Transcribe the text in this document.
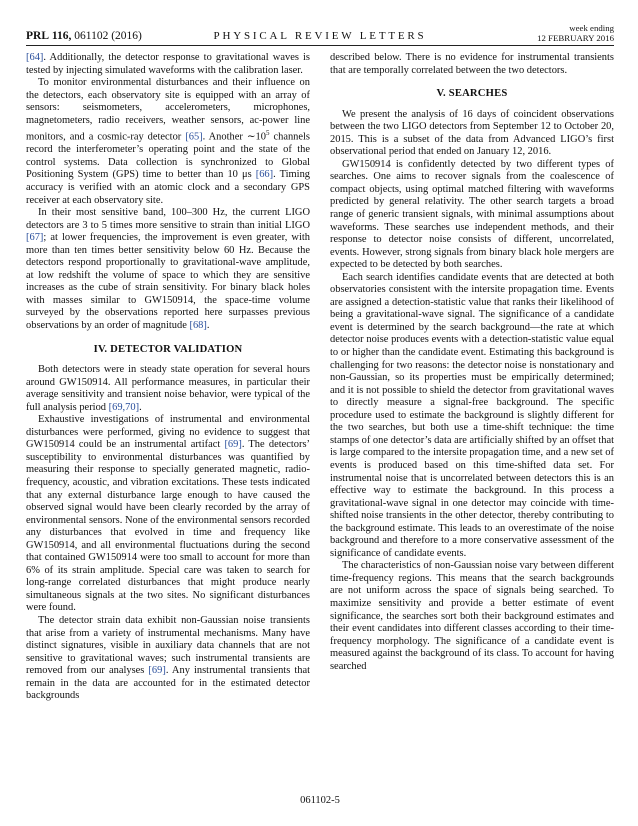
PRL 116, 061102 (2016)	PHYSICAL REVIEW LETTERS
week ending
12 FEBRUARY 2016

[64]. Additionally, the detector response to gravitational waves is tested by injecting simulated waveforms with the calibration laser.

To monitor environmental disturbances and their influence on the detectors, each observatory site is equipped with an array of sensors: seismometers, accelerometers, microphones, magnetometers, radio receivers, weather sensors, ac-power line monitors, and a cosmic-ray detector [65]. Another $\sim 10^5$ channels record the interferometer’s operating point and the state of the control systems. Data collection is synchronized to Global Positioning System (GPS) time to better than 10 μs [66]. Timing accuracy is verified with an atomic clock and a secondary GPS receiver at each observatory site.

In their most sensitive band, 100–300 Hz, the current LIGO detectors are 3 to 5 times more sensitive to strain than initial LIGO [67]; at lower frequencies, the improvement is even greater, with more than ten times better sensitivity below 60 Hz. Because the detectors respond proportionally to gravitational-wave amplitude, at low redshift the volume of space to which they are sensitive increases as the cube of strain sensitivity. For binary black holes with masses similar to GW150914, the space-time volume surveyed by the observations reported here surpasses previous observations by an order of magnitude [68].

IV. DETECTOR VALIDATION

Both detectors were in steady state operation for several hours around GW150914. All performance measures, in particular their average sensitivity and transient noise behavior, were typical of the full analysis period [69,70].

Exhaustive investigations of instrumental and environmental disturbances were performed, giving no evidence to suggest that GW150914 could be an instrumental artifact [69]. The detectors’ susceptibility to environmental disturbances was quantified by measuring their response to specially generated magnetic, radio-frequency, acoustic, and vibration excitations. These tests indicated that any external disturbance large enough to have caused the observed signal would have been clearly recorded by the array of environmental sensors. None of the environmental sensors recorded any disturbances that evolved in time and frequency like GW150914, and all environmental fluctuations during the second that contained GW150914 were too small to account for more than 6% of its strain amplitude. Special care was taken to search for long-range correlated disturbances that might produce nearly simultaneous signals at the two sites. No significant disturbances were found.

The detector strain data exhibit non-Gaussian noise transients that arise from a variety of instrumental mechanisms. Many have distinct signatures, visible in auxiliary data channels that are not sensitive to gravitational waves; such instrumental transients are removed from our analyses [69]. Any instrumental transients that remain in the data are accounted for in the estimated detector backgrounds

described below. There is no evidence for instrumental transients that are temporally correlated between the two detectors.

V. SEARCHES

We present the analysis of 16 days of coincident observations between the two LIGO detectors from September 12 to October 20, 2015. This is a subset of the data from Advanced LIGO’s first observational period that ended on January 12, 2016.

GW150914 is confidently detected by two different types of searches. One aims to recover signals from the coalescence of compact objects, using optimal matched filtering with waveforms predicted by general relativity. The other search targets a broad range of generic transient signals, with minimal assumptions about waveforms. These searches use independent methods, and their response to detector noise consists of different, uncorrelated, events. However, strong signals from binary black hole mergers are expected to be detected by both searches.

Each search identifies candidate events that are detected at both observatories consistent with the intersite propagation time. Events are assigned a detection-statistic value that ranks their likelihood of being a gravitational-wave signal. The significance of a candidate event is determined by the search background—the rate at which detector noise produces events with a detection-statistic value equal to or higher than the candidate event. Estimating this background is challenging for two reasons: the detector noise is nonstationary and non-Gaussian, so its properties must be empirically determined; and it is not possible to shield the detector from gravitational waves to directly measure a signal-free background. The specific procedure used to estimate the background is slightly different for the two searches, but both use a time-shift technique: the time stamps of one detector’s data are artificially shifted by an offset that is large compared to the intersite propagation time, and a new set of events is produced based on this time-shifted data set. For instrumental noise that is uncorrelated between detectors this is an effective way to estimate the background. In this process a gravitational-wave signal in one detector may coincide with time-shifted noise transients in the other detector, thereby contributing to the background estimate. This leads to an overestimate of the noise background and therefore to a more conservative assessment of the significance of candidate events.

The characteristics of non-Gaussian noise vary between different time-frequency regions. This means that the search backgrounds are not uniform across the space of signals being searched. To maximize sensitivity and provide a better estimate of event significance, the searches sort both their background estimates and their event candidates into different classes according to their time-frequency morphology. The significance of a candidate event is measured against the background of its class. To account for having searched

061102-5
